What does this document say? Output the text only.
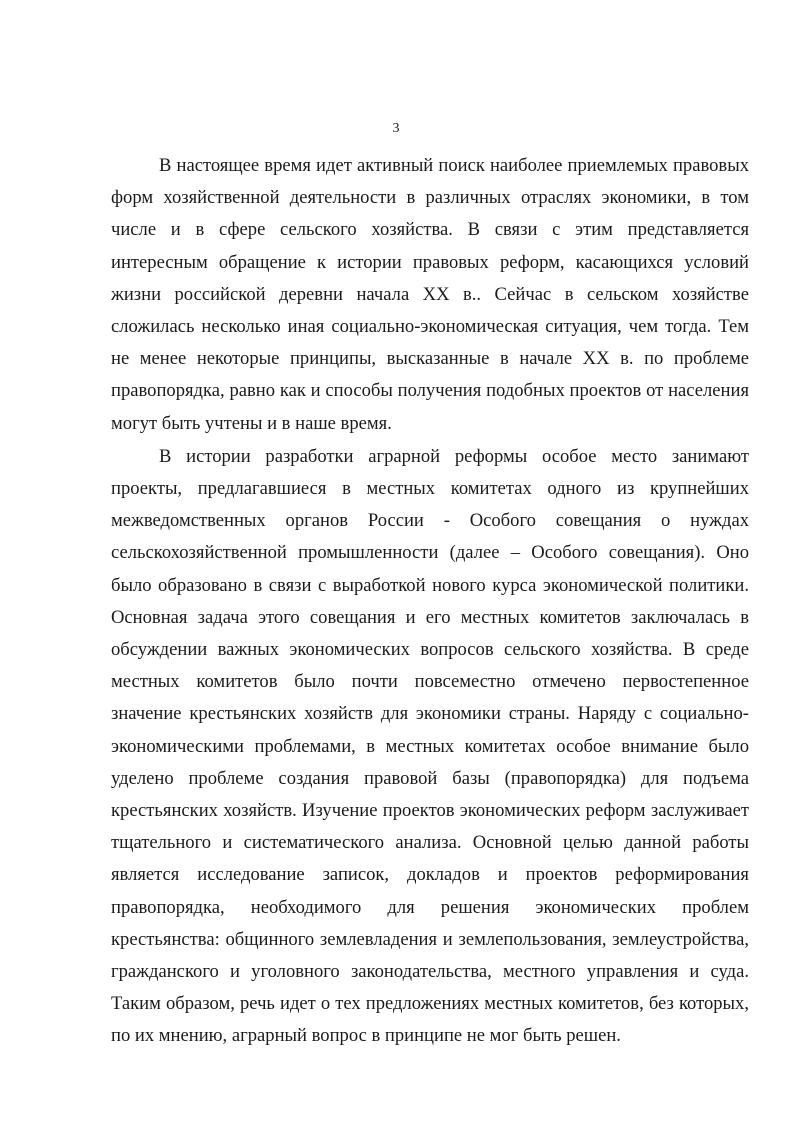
3

В настоящее время идет активный поиск наиболее приемлемых правовых форм хозяйственной деятельности в различных отраслях экономики, в том числе и в сфере сельского хозяйства. В связи с этим представляется интересным обращение к истории правовых реформ, касающихся условий жизни российской деревни начала XX в.. Сейчас в сельском хозяйстве сложилась несколько иная социально-экономическая ситуация, чем тогда. Тем не менее некоторые принципы, высказанные в начале XX в. по проблеме правопорядка, равно как и способы получения подобных проектов от населения могут быть учтены и в наше время.

В истории разработки аграрной реформы особое место занимают проекты, предлагавшиеся в местных комитетах одного из крупнейших межведомственных органов России - Особого совещания о нуждах сельскохозяйственной промышленности (далее – Особого совещания). Оно было образовано в связи с выработкой нового курса экономической политики. Основная задача этого совещания и его местных комитетов заключалась в обсуждении важных экономических вопросов сельского хозяйства. В среде местных комитетов было почти повсеместно отмечено первостепенное значение крестьянских хозяйств для экономики страны. Наряду с социально-экономическими проблемами, в местных комитетах особое внимание было уделено проблеме создания правовой базы (правопорядка) для подъема крестьянских хозяйств. Изучение проектов экономических реформ заслуживает тщательного и систематического анализа. Основной целью данной работы является исследование записок, докладов и проектов реформирования правопорядка, необходимого для решения экономических проблем крестьянства: общинного землевладения и землепользования, землеустройства, гражданского и уголовного законодательства, местного управления и суда. Таким образом, речь идет о тех предложениях местных комитетов, без которых, по их мнению, аграрный вопрос в принципе не мог быть решен.
